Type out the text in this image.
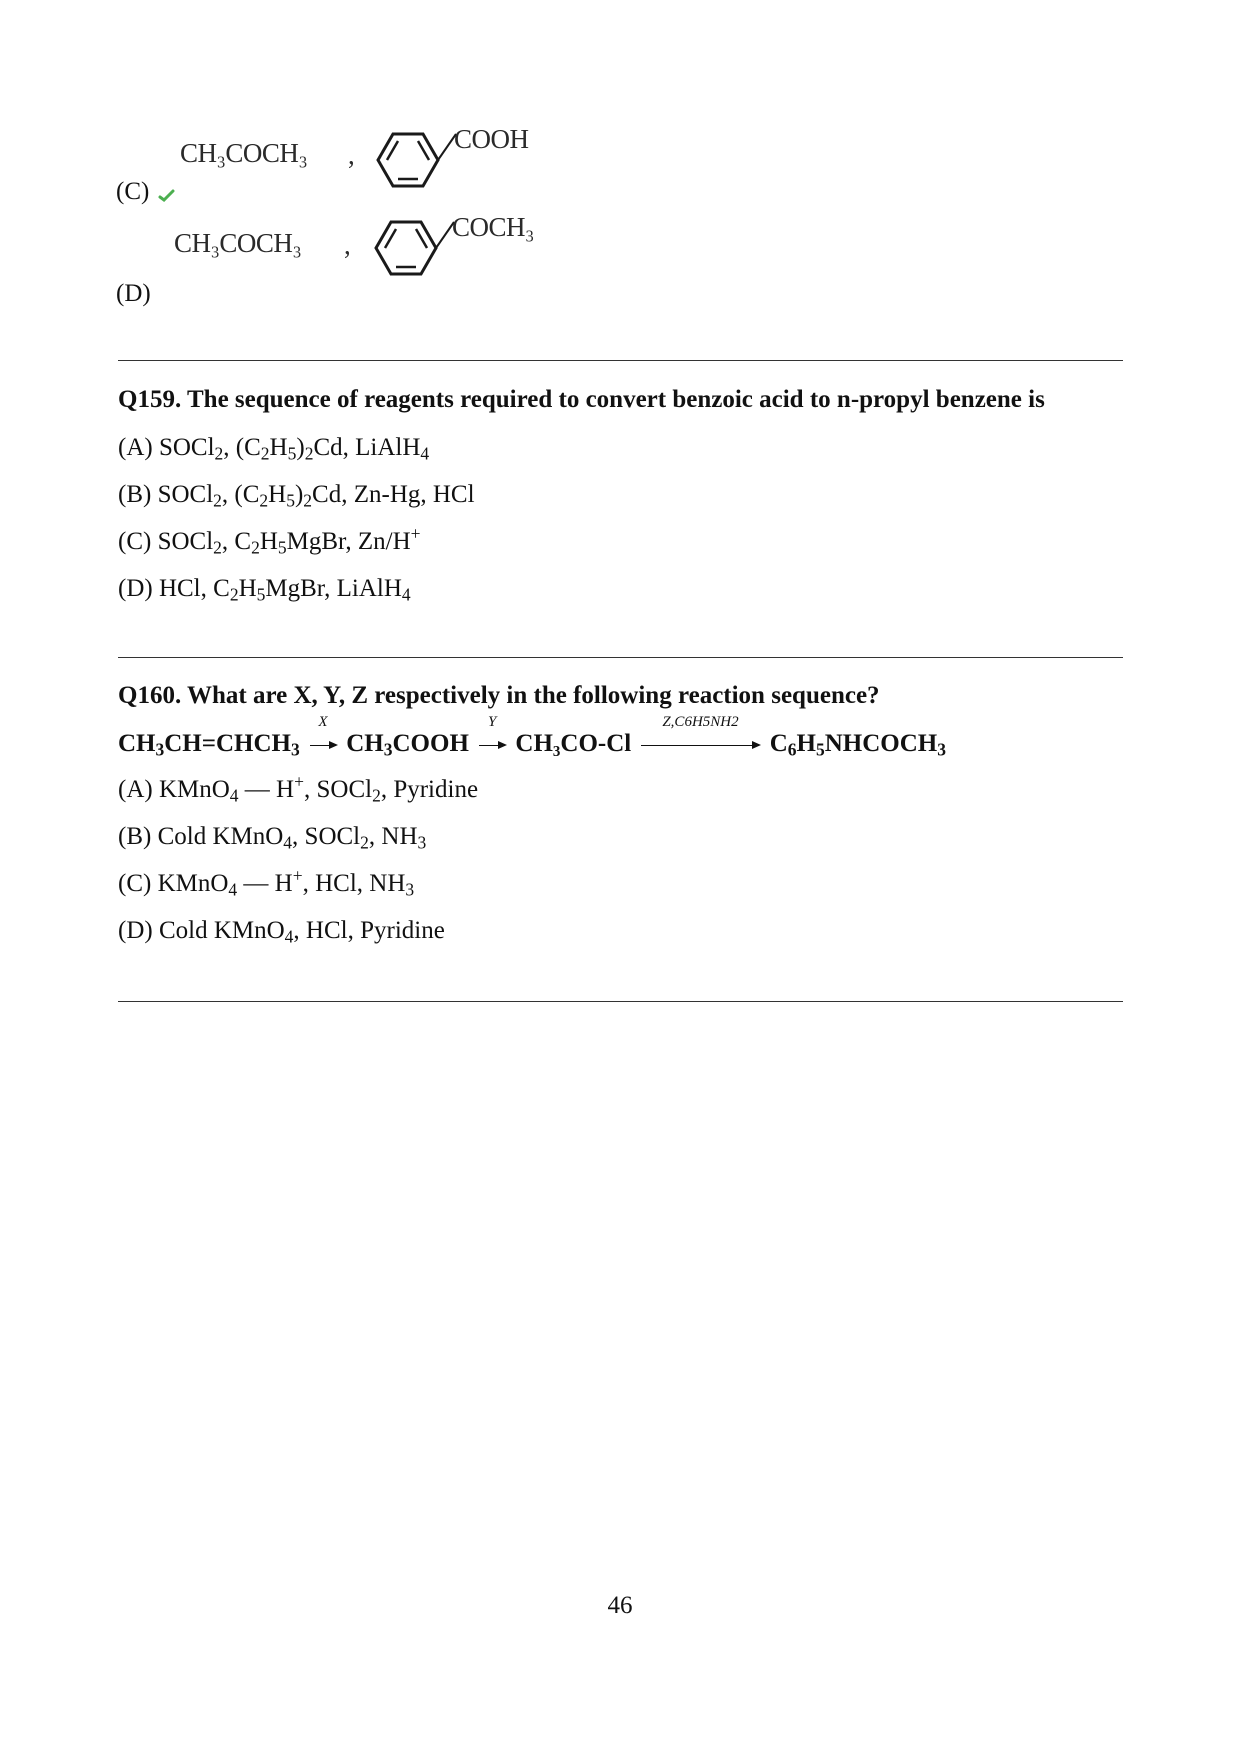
CH₃COCH₃ ,
COOH
(C)
CH₃COCH₃ ,
COCH₃
(D)
Q159. The sequence of reagents required to convert benzoic acid to n-propyl benzene is
(A) SOCl$_2$, $(C_2H_5)_2Cd$, LiAlH$_4$
(B) SOCl$_2$, $(C_2H_5)_2Cd$, Zn-Hg, HCl
(C) SOCl$_2$, $C_2H_5MgBr$, Zn/H+
(D) HCl, $C_2H_5MgBr$, LiAlH$_4$
Q160. What are X, Y, Z respectively in the following reaction sequence?
$CH_3CH=CHCH_3$
X
$CH_3COOH$
Y
CH₃CO-Cl
Z,C6H5NH2
$C_6H_5NHCOCH_3$
(A) KMnO$_4$ — H+, SOCl$_2$, Pyridine
(B) Cold KMnO$_4$, SOCl$_2$, $NH_3$
(C) KMnO$_4$ — H+, HCl, $NH_3$
(D) Cold KMnO$_4$, HCl, Pyridine
46
